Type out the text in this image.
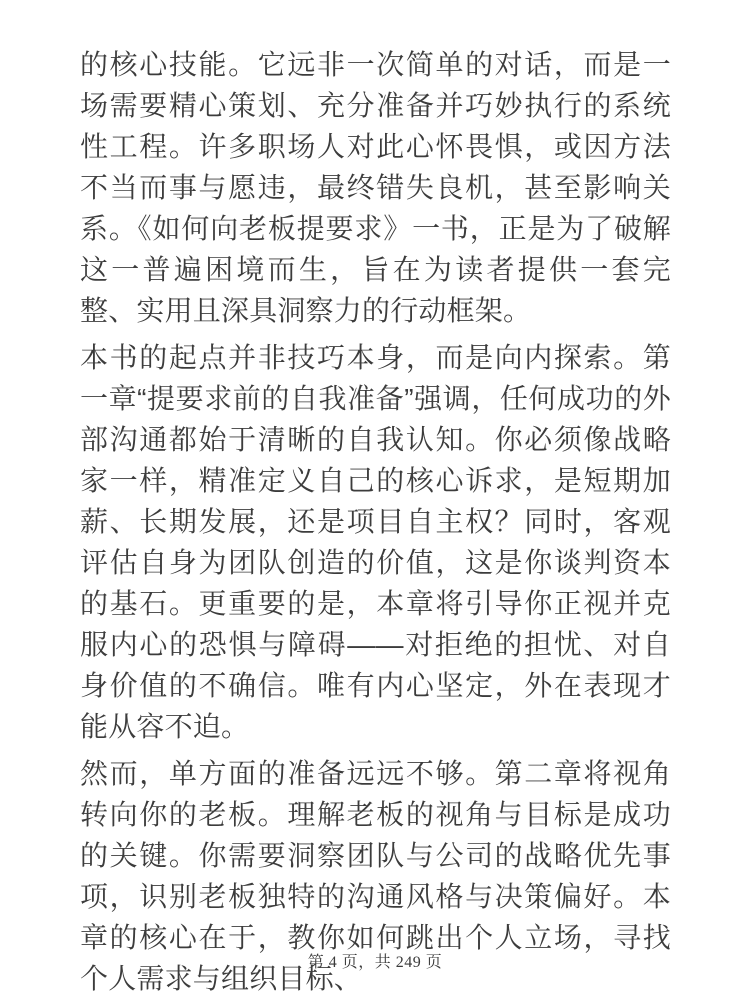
的核心技能。它远非一次简单的对话，而是一场需要精心策划、充分准备并巧妙执行的系统性工程。许多职场人对此心怀畏惧，或因方法不当而事与愿违，最终错失良机，甚至影响关系。《如何向老板提要求》一书，正是为了破解这一普遍困境而生，旨在为读者提供一套完整、实用且深具洞察力的行动框架。

本书的起点并非技巧本身，而是向内探索。第一章“提要求前的自我准备”强调，任何成功的外部沟通都始于清晰的自我认知。你必须像战略家一样，精准定义自己的核心诉求，是短期加薪、长期发展，还是项目自主权？同时，客观评估自身为团队创造的价值，这是你谈判资本的基石。更重要的是，本章将引导你正视并克服内心的恐惧与障碍——对拒绝的担忧、对自身价值的不确信。唯有内心坚定，外在表现才能从容不迫。

然而，单方面的准备远远不够。第二章将视角转向你的老板。理解老板的视角与目标是成功的关键。你需要洞察团队与公司的战略优先事项，识别老板独特的沟通风格与决策偏好。本章的核心在于，教你如何跳出个人立场，寻找个人需求与组织目标、

第 4 页，共 249 页
